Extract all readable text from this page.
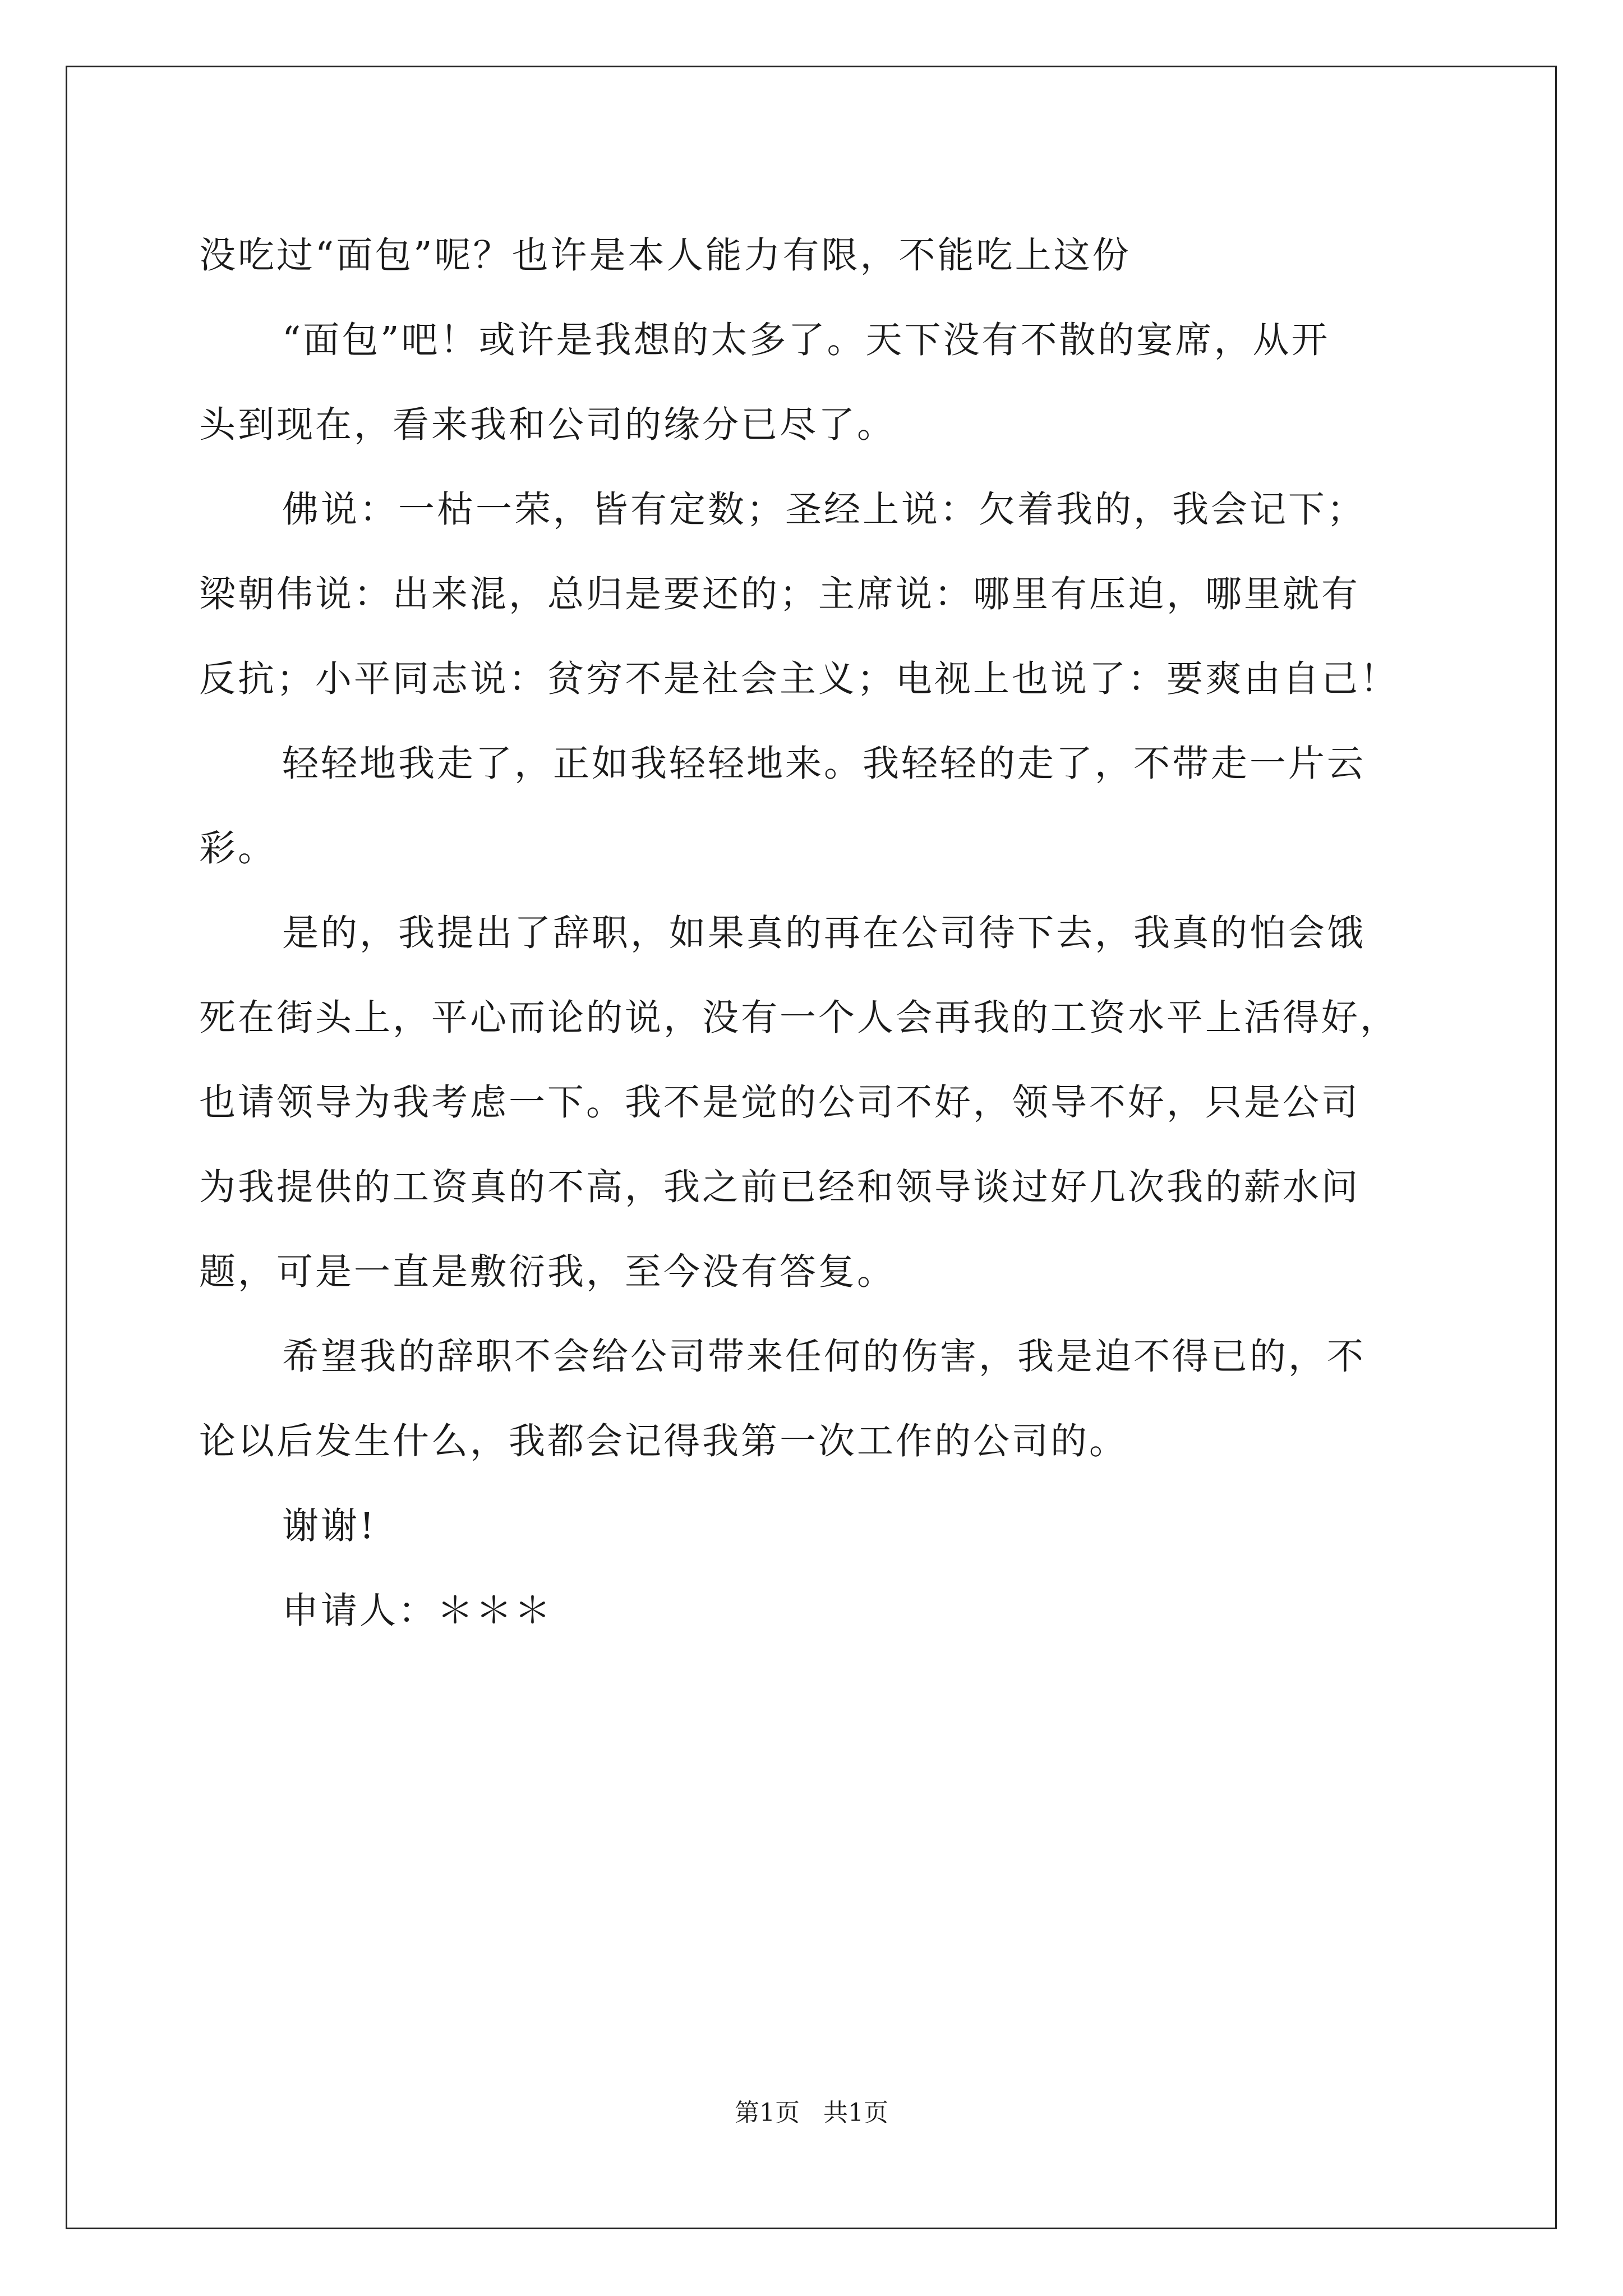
没吃过“面包”呢？也许是本人能力有限，不能吃上这份

“面包”吧！或许是我想的太多了。天下没有不散的宴席，从开

头到现在，看来我和公司的缘分已尽了。

佛说：一枯一荣，皆有定数；圣经上说：欠着我的，我会记下；

梁朝伟说：出来混，总归是要还的；主席说：哪里有压迫，哪里就有

反抗；小平同志说：贫穷不是社会主义；电视上也说了：要爽由自己！

轻轻地我走了，正如我轻轻地来。我轻轻的走了，不带走一片云

彩。

是的，我提出了辞职，如果真的再在公司待下去，我真的怕会饿

死在街头上，平心而论的说，没有一个人会再我的工资水平上活得好，

也请领导为我考虑一下。我不是觉的公司不好，领导不好，只是公司

为我提供的工资真的不高，我之前已经和领导谈过好几次我的薪水问

题，可是一直是敷衍我，至今没有答复。

希望我的辞职不会给公司带来任何的伤害，我是迫不得已的，不

论以后发生什么，我都会记得我第一次工作的公司的。

谢谢!

申请人：＊＊＊

第1页   共1页
